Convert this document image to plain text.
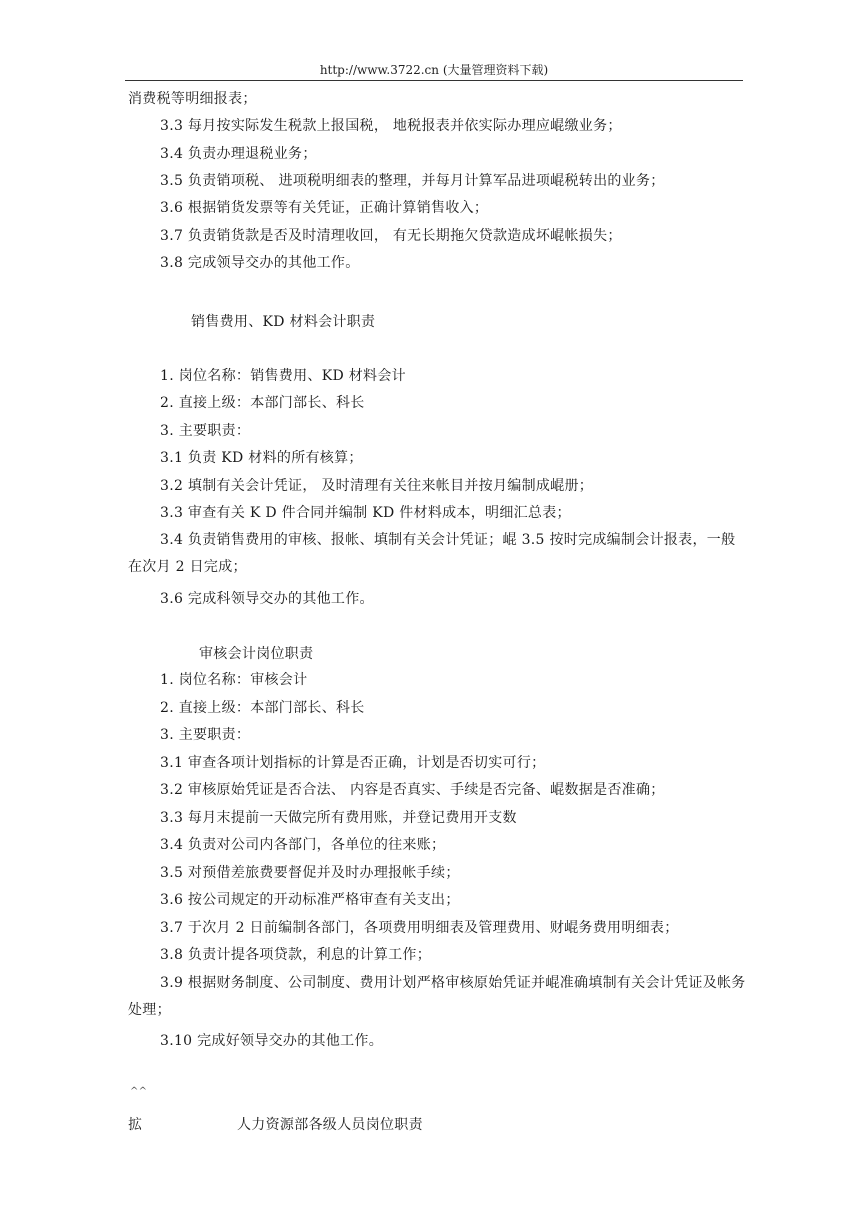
http://www.3722.cn (大量管理资料下载)
消费税等明细报表；
3.3 每月按实际发生税款上报国税， 地税报表并依实际办理应崐缴业务；
3.4 负责办理退税业务；
3.5 负责销项税、 进项税明细表的整理，并每月计算军品进项崐税转出的业务；
3.6 根据销货发票等有关凭证，正确计算销售收入；
3.7 负责销货款是否及时清理收回， 有无长期拖欠贷款造成坏崐帐损失；
3.8 完成领导交办的其他工作。
销售费用、KD 材料会计职责
1. 岗位名称：销售费用、KD 材料会计
2. 直接上级：本部门部长、科长
3. 主要职责：
3.1 负责 KD 材料的所有核算；
3.2 填制有关会计凭证， 及时清理有关往来帐目并按月编制成崐册；
3.3 审查有关 K D 件合同并编制 KD 件材料成本，明细汇总表；
3.4 负责销售费用的审核、报帐、填制有关会计凭证；崐 3.5 按时完成编制会计报表，一般在次月 2 日完成；
3.6 完成科领导交办的其他工作。
审核会计岗位职责
1. 岗位名称：审核会计
2. 直接上级：本部门部长、科长
3. 主要职责：
3.1 审查各项计划指标的计算是否正确，计划是否切实可行；
3.2 审核原始凭证是否合法、 内容是否真实、手续是否完备、崐数据是否准确；
3.3 每月末提前一天做完所有费用账，并登记费用开支数
3.4 负责对公司内各部门，各单位的往来账；
3.5 对预借差旅费要督促并及时办理报帐手续；
3.6 按公司规定的开动标准严格审查有关支出；
3.7 于次月 2 日前编制各部门，各项费用明细表及管理费用、财崐务费用明细表；
3.8 负责计提各项贷款，利息的计算工作；
3.9 根据财务制度、公司制度、费用计划严格审核原始凭证并崐准确填制有关会计凭证及帐务处理；
3.10 完成好领导交办的其他工作。
^^
拡	人力资源部各级人员岗位职责
